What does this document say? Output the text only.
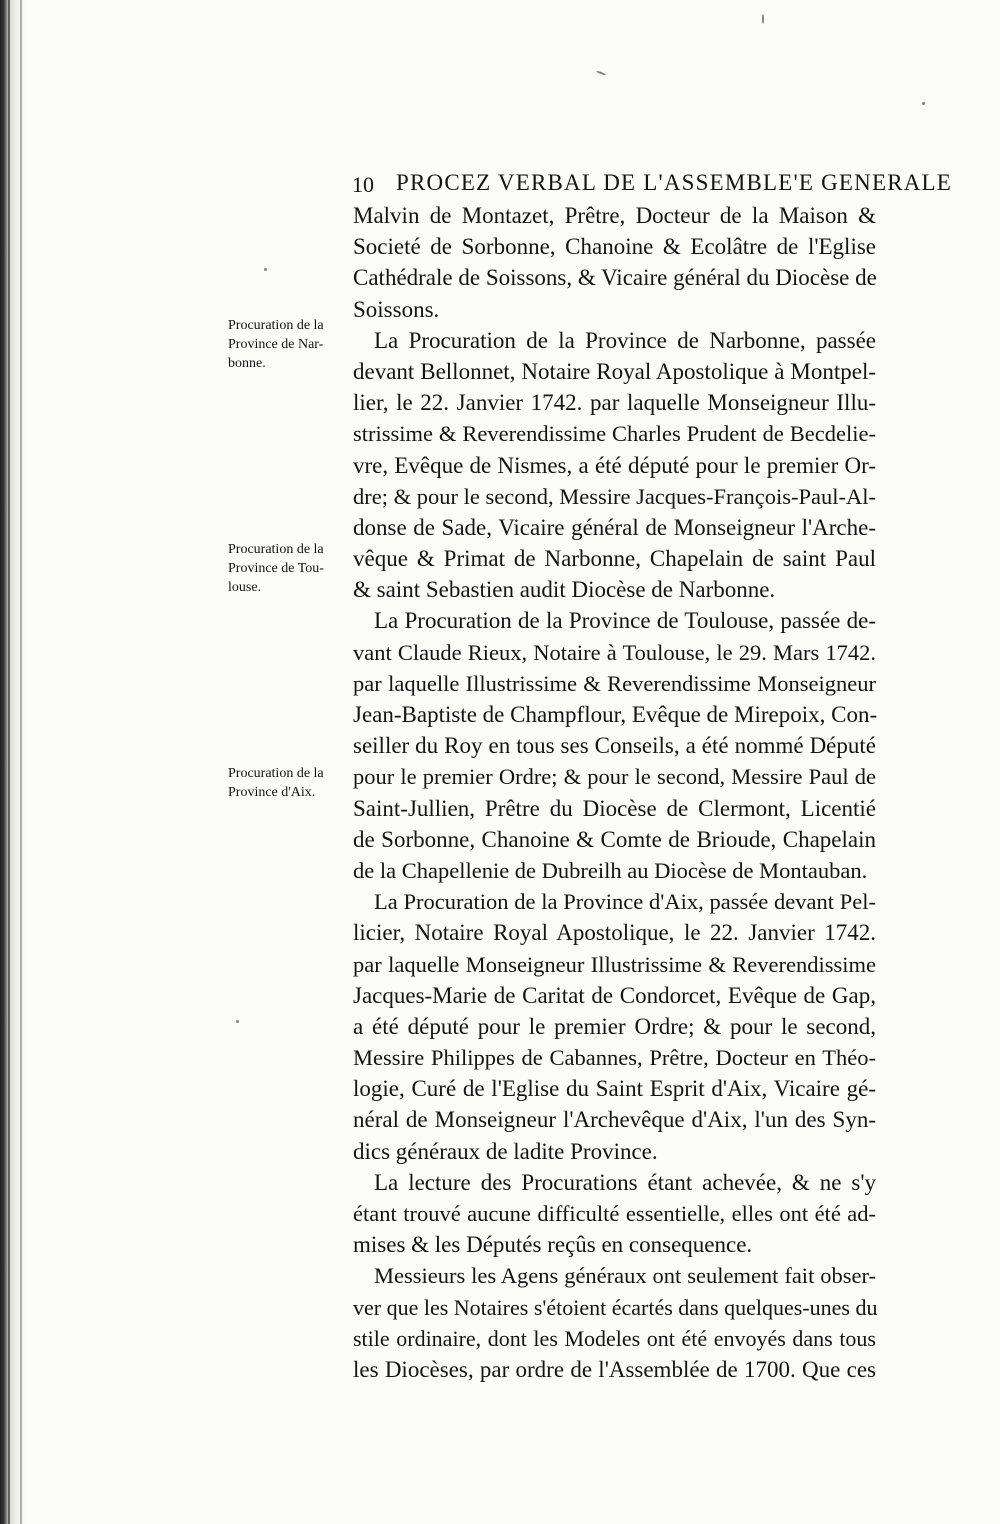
10 PROCEZ VERBAL DE L'ASSEMBLE'E GENERALE
Procuration de la
Province de Nar-
bonne.
Procuration de la
Province de Tou-
louse.
Procuration de la
Province d'Aix.
Malvin de Montazet, Prêtre, Docteur de la Maison &
Societé de Sorbonne, Chanoine & Ecolâtre de l'Eglise
Cathédrale de Soissons, & Vicaire général du Diocèse de
Soissons.
La Procuration de la Province de Narbonne, passée
devant Bellonnet, Notaire Royal Apostolique à Montpel-
lier, le 22. Janvier 1742. par laquelle Monseigneur Illu-
strissime & Reverendissime Charles Prudent de Becdelie-
vre, Evêque de Nismes, a été député pour le premier Or-
dre; & pour le second, Messire Jacques-François-Paul-Al-
donse de Sade, Vicaire général de Monseigneur l'Arche-
vêque & Primat de Narbonne, Chapelain de saint Paul
& saint Sebastien audit Diocèse de Narbonne.
La Procuration de la Province de Toulouse, passée de-
vant Claude Rieux, Notaire à Toulouse, le 29. Mars 1742.
par laquelle Illustrissime & Reverendissime Monseigneur
Jean-Baptiste de Champflour, Evêque de Mirepoix, Con-
seiller du Roy en tous ses Conseils, a été nommé Député
pour le premier Ordre; & pour le second, Messire Paul de
Saint-Jullien, Prêtre du Diocèse de Clermont, Licentié
de Sorbonne, Chanoine & Comte de Brioude, Chapelain
de la Chapellenie de Dubreilh au Diocèse de Montauban.
La Procuration de la Province d'Aix, passée devant Pel-
licier, Notaire Royal Apostolique, le 22. Janvier 1742.
par laquelle Monseigneur Illustrissime & Reverendissime
Jacques-Marie de Caritat de Condorcet, Evêque de Gap,
a été député pour le premier Ordre; & pour le second,
Messire Philippes de Cabannes, Prêtre, Docteur en Théo-
logie, Curé de l'Eglise du Saint Esprit d'Aix, Vicaire gé-
néral de Monseigneur l'Archevêque d'Aix, l'un des Syn-
dics généraux de ladite Province.
La lecture des Procurations étant achevée, & ne s'y
étant trouvé aucune difficulté essentielle, elles ont été ad-
mises & les Députés reçûs en consequence.
Messieurs les Agens généraux ont seulement fait obser-
ver que les Notaires s'étoient écartés dans quelques-unes du
stile ordinaire, dont les Modeles ont été envoyés dans tous
les Diocèses, par ordre de l'Assemblée de 1700. Que ces
